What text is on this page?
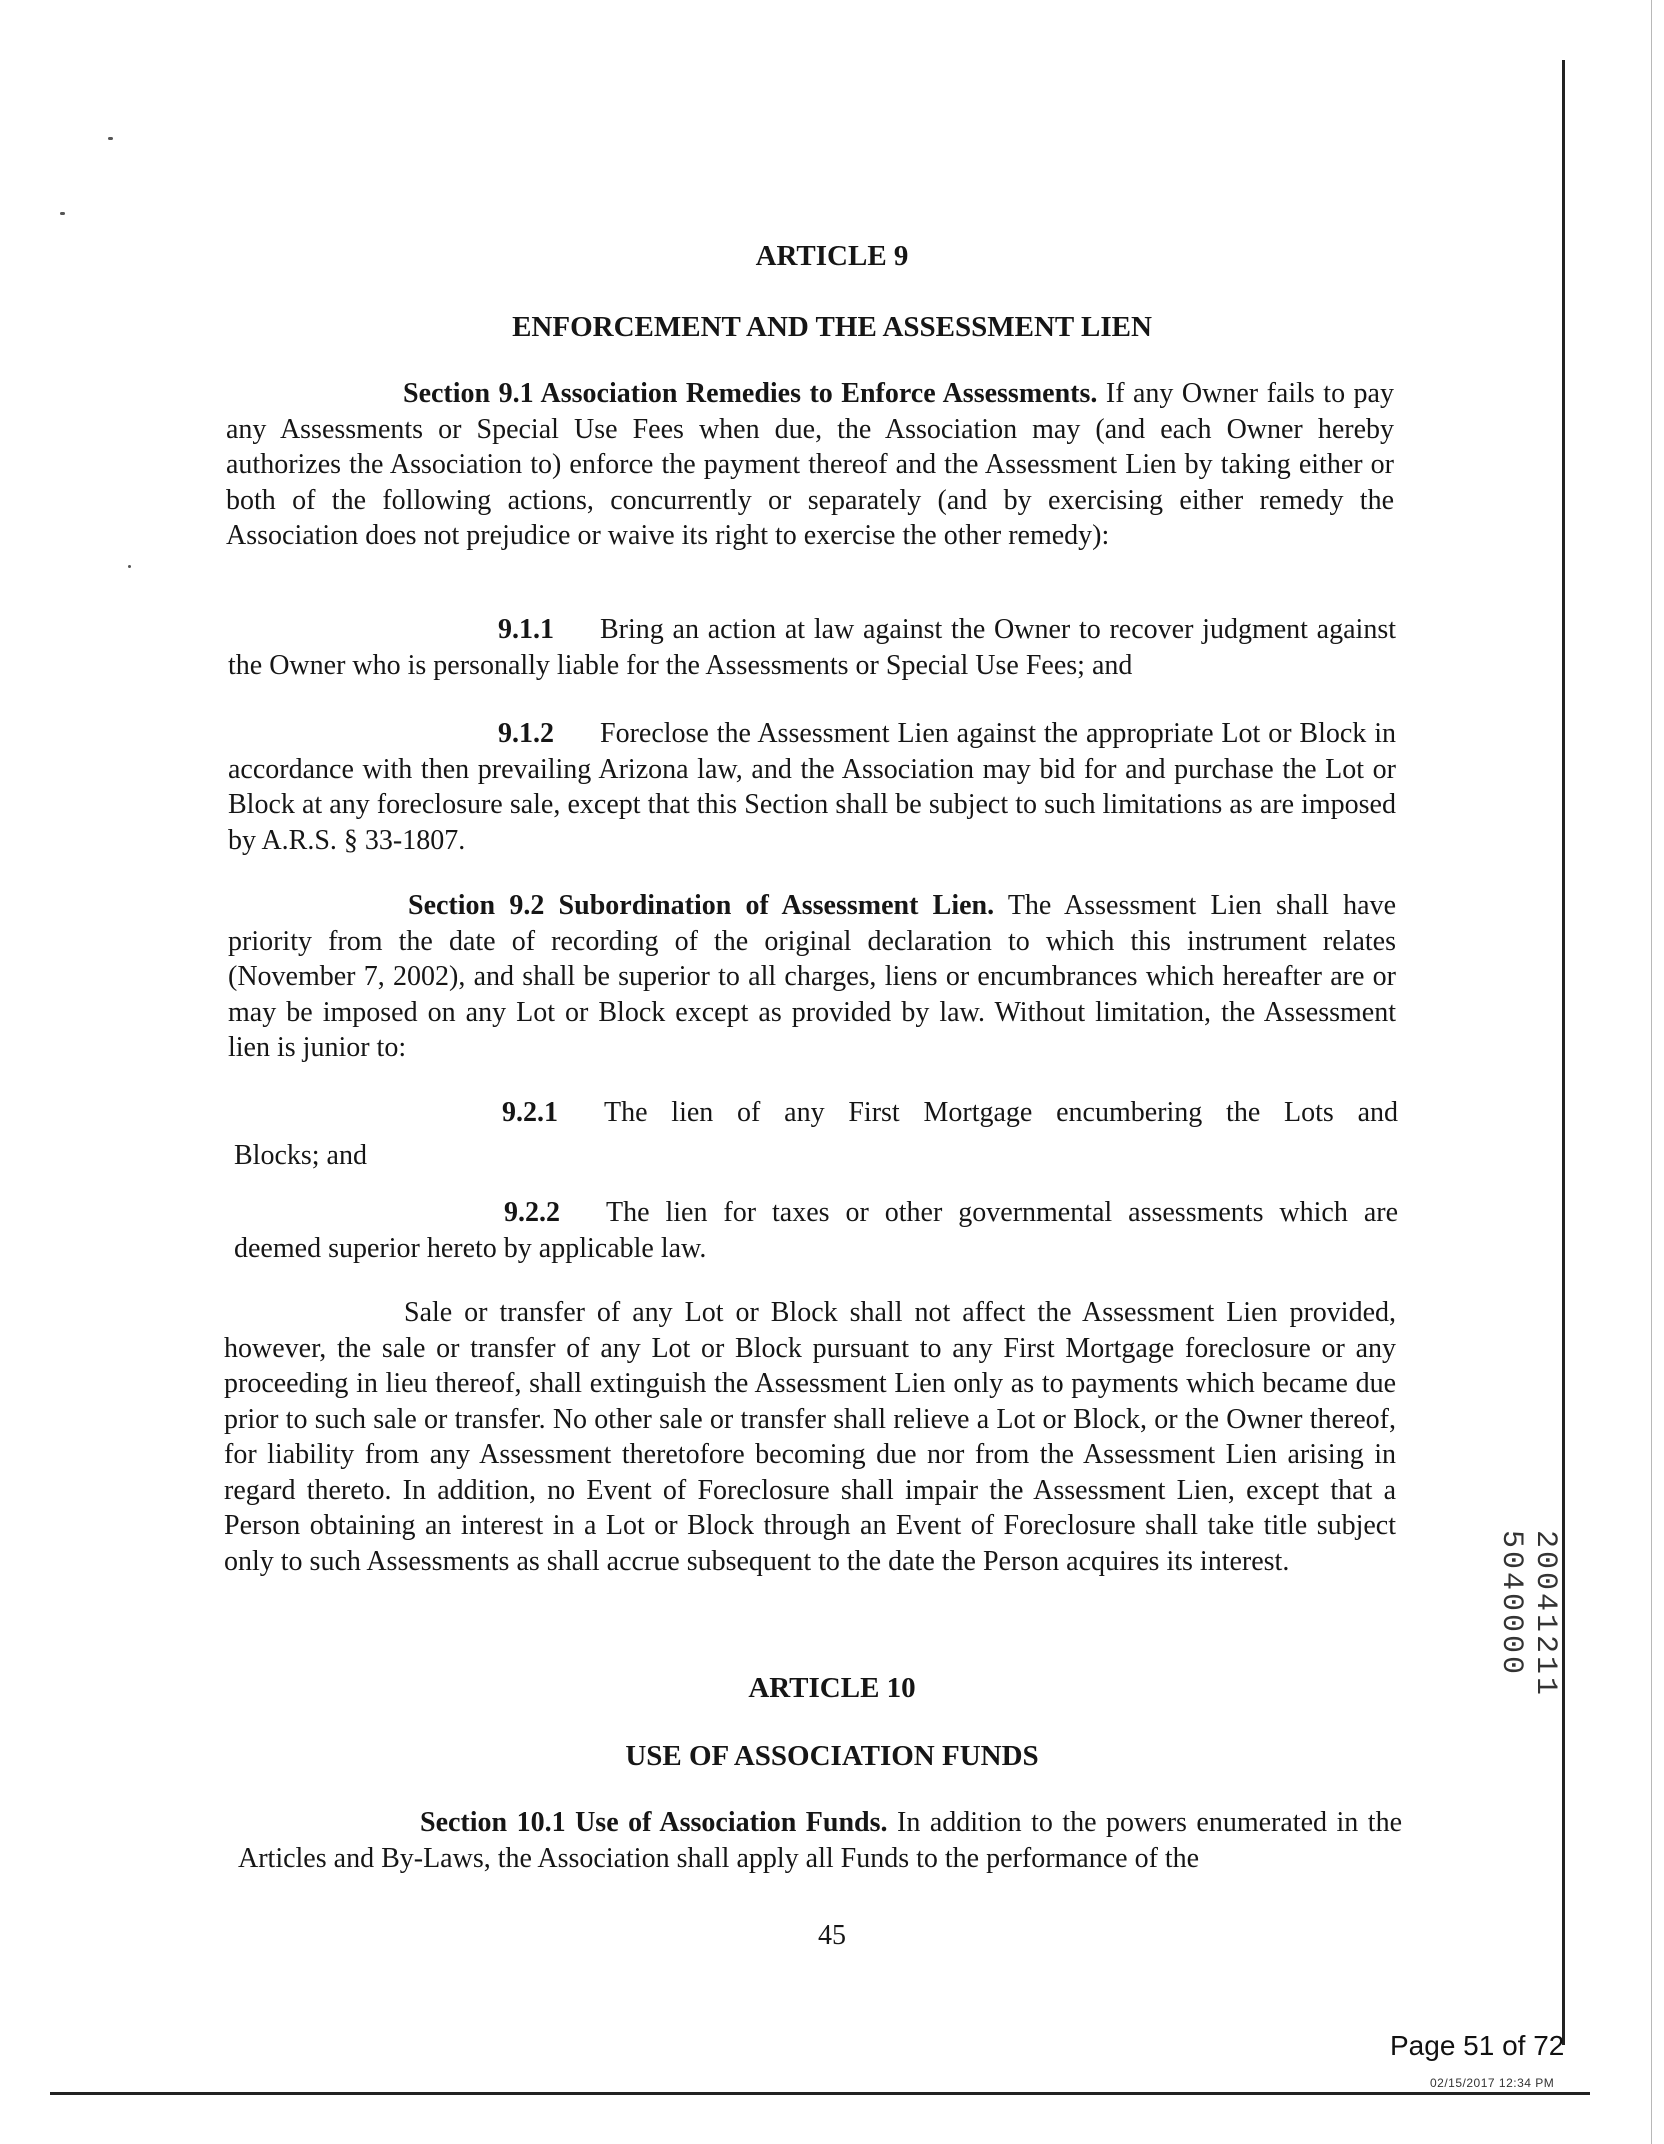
ARTICLE 9
ENFORCEMENT AND THE ASSESSMENT LIEN
Section 9.1 Association Remedies to Enforce Assessments. If any Owner fails to pay any Assessments or Special Use Fees when due, the Association may (and each Owner hereby authorizes the Association to) enforce the payment thereof and the Assessment Lien by taking either or both of the following actions, concurrently or separately (and by exercising either remedy the Association does not prejudice or waive its right to exercise the other remedy):
9.1.1 Bring an action at law against the Owner to recover judgment against the Owner who is personally liable for the Assessments or Special Use Fees; and
9.1.2 Foreclose the Assessment Lien against the appropriate Lot or Block in accordance with then prevailing Arizona law, and the Association may bid for and purchase the Lot or Block at any foreclosure sale, except that this Section shall be subject to such limitations as are imposed by A.R.S. § 33-1807.
Section 9.2 Subordination of Assessment Lien. The Assessment Lien shall have priority from the date of recording of the original declaration to which this instrument relates (November 7, 2002), and shall be superior to all charges, liens or encumbrances which hereafter are or may be imposed on any Lot or Block except as provided by law. Without limitation, the Assessment lien is junior to:
9.2.1 The lien of any First Mortgage encumbering the Lots and
Blocks; and
9.2.2 The lien for taxes or other governmental assessments which are deemed superior hereto by applicable law.
Sale or transfer of any Lot or Block shall not affect the Assessment Lien provided, however, the sale or transfer of any Lot or Block pursuant to any First Mortgage foreclosure or any proceeding in lieu thereof, shall extinguish the Assessment Lien only as to payments which became due prior to such sale or transfer. No other sale or transfer shall relieve a Lot or Block, or the Owner thereof, for liability from any Assessment theretofore becoming due nor from the Assessment Lien arising in regard thereto. In addition, no Event of Foreclosure shall impair the Assessment Lien, except that a Person obtaining an interest in a Lot or Block through an Event of Foreclosure shall take title subject only to such Assessments as shall accrue subsequent to the date the Person acquires its interest.
ARTICLE 10
USE OF ASSOCIATION FUNDS
Section 10.1 Use of Association Funds. In addition to the powers enumerated in the Articles and By-Laws, the Association shall apply all Funds to the performance of the
45
20041211 5040000
Page 51 of 72
02/15/2017 12:34 PM
